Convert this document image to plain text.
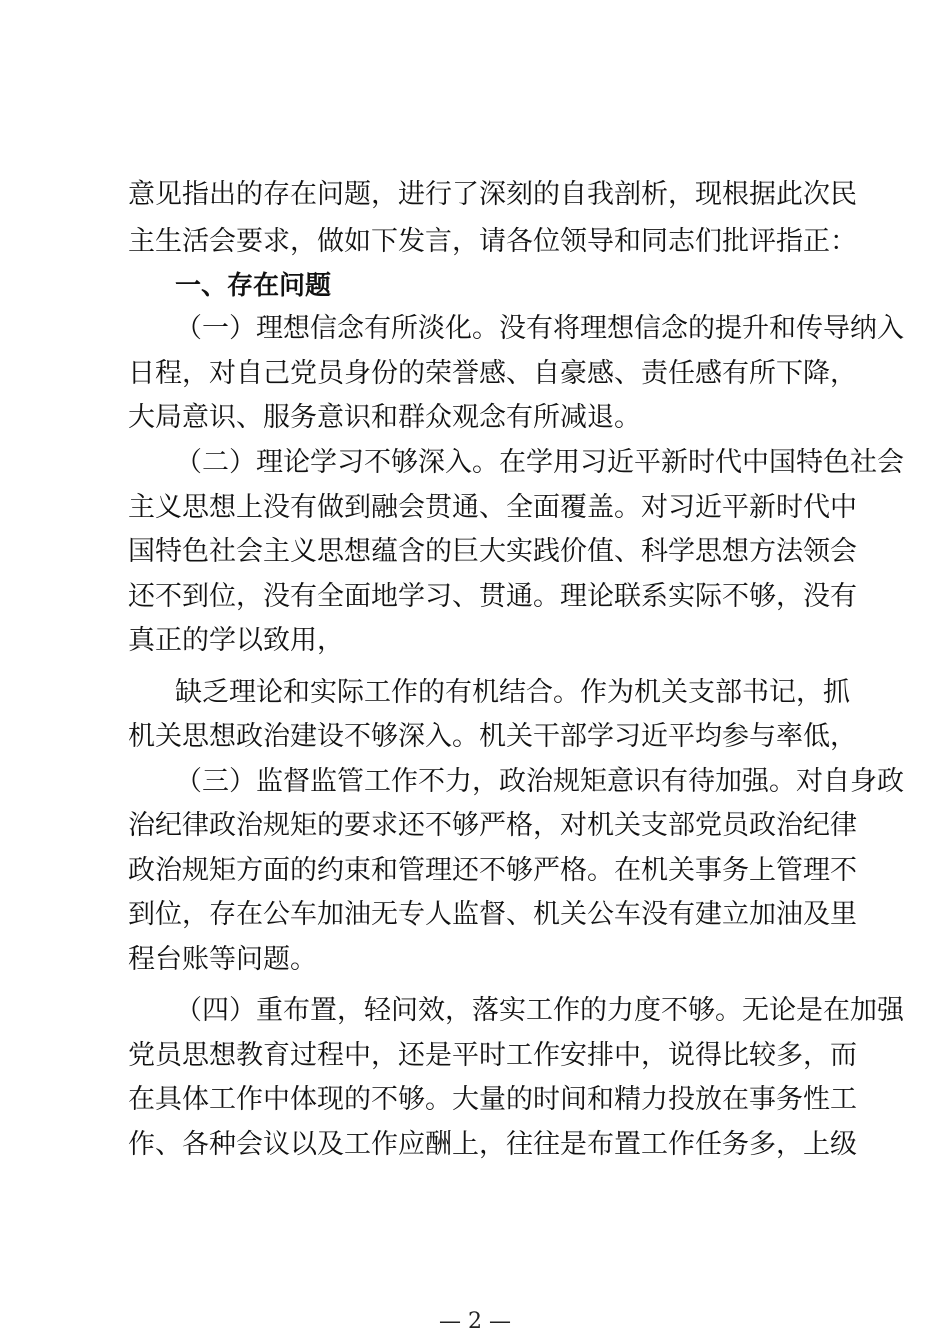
意见指出的存在问题，进行了深刻的自我剖析，现根据此次民
主生活会要求，做如下发言，请各位领导和同志们批评指正：
一、存在问题
（一）理想信念有所淡化。没有将理想信念的提升和传导纳入
日程，对自己党员身份的荣誉感、自豪感、责任感有所下降，
大局意识、服务意识和群众观念有所减退。
（二）理论学习不够深入。在学用习近平新时代中国特色社会
主义思想上没有做到融会贯通、全面覆盖。对习近平新时代中
国特色社会主义思想蕴含的巨大实践价值、科学思想方法领会
还不到位，没有全面地学习、贯通。理论联系实际不够，没有
真正的学以致用，
缺乏理论和实际工作的有机结合。作为机关支部书记，抓
机关思想政治建设不够深入。机关干部学习近平均参与率低，
（三）监督监管工作不力，政治规矩意识有待加强。对自身政
治纪律政治规矩的要求还不够严格，对机关支部党员政治纪律
政治规矩方面的约束和管理还不够严格。在机关事务上管理不
到位，存在公车加油无专人监督、机关公车没有建立加油及里
程台账等问题。
（四）重布置，轻问效，落实工作的力度不够。无论是在加强
党员思想教育过程中，还是平时工作安排中，说得比较多，而
在具体工作中体现的不够。大量的时间和精力投放在事务性工
作、各种会议以及工作应酬上，往往是布置工作任务多，上级
— 2 —
